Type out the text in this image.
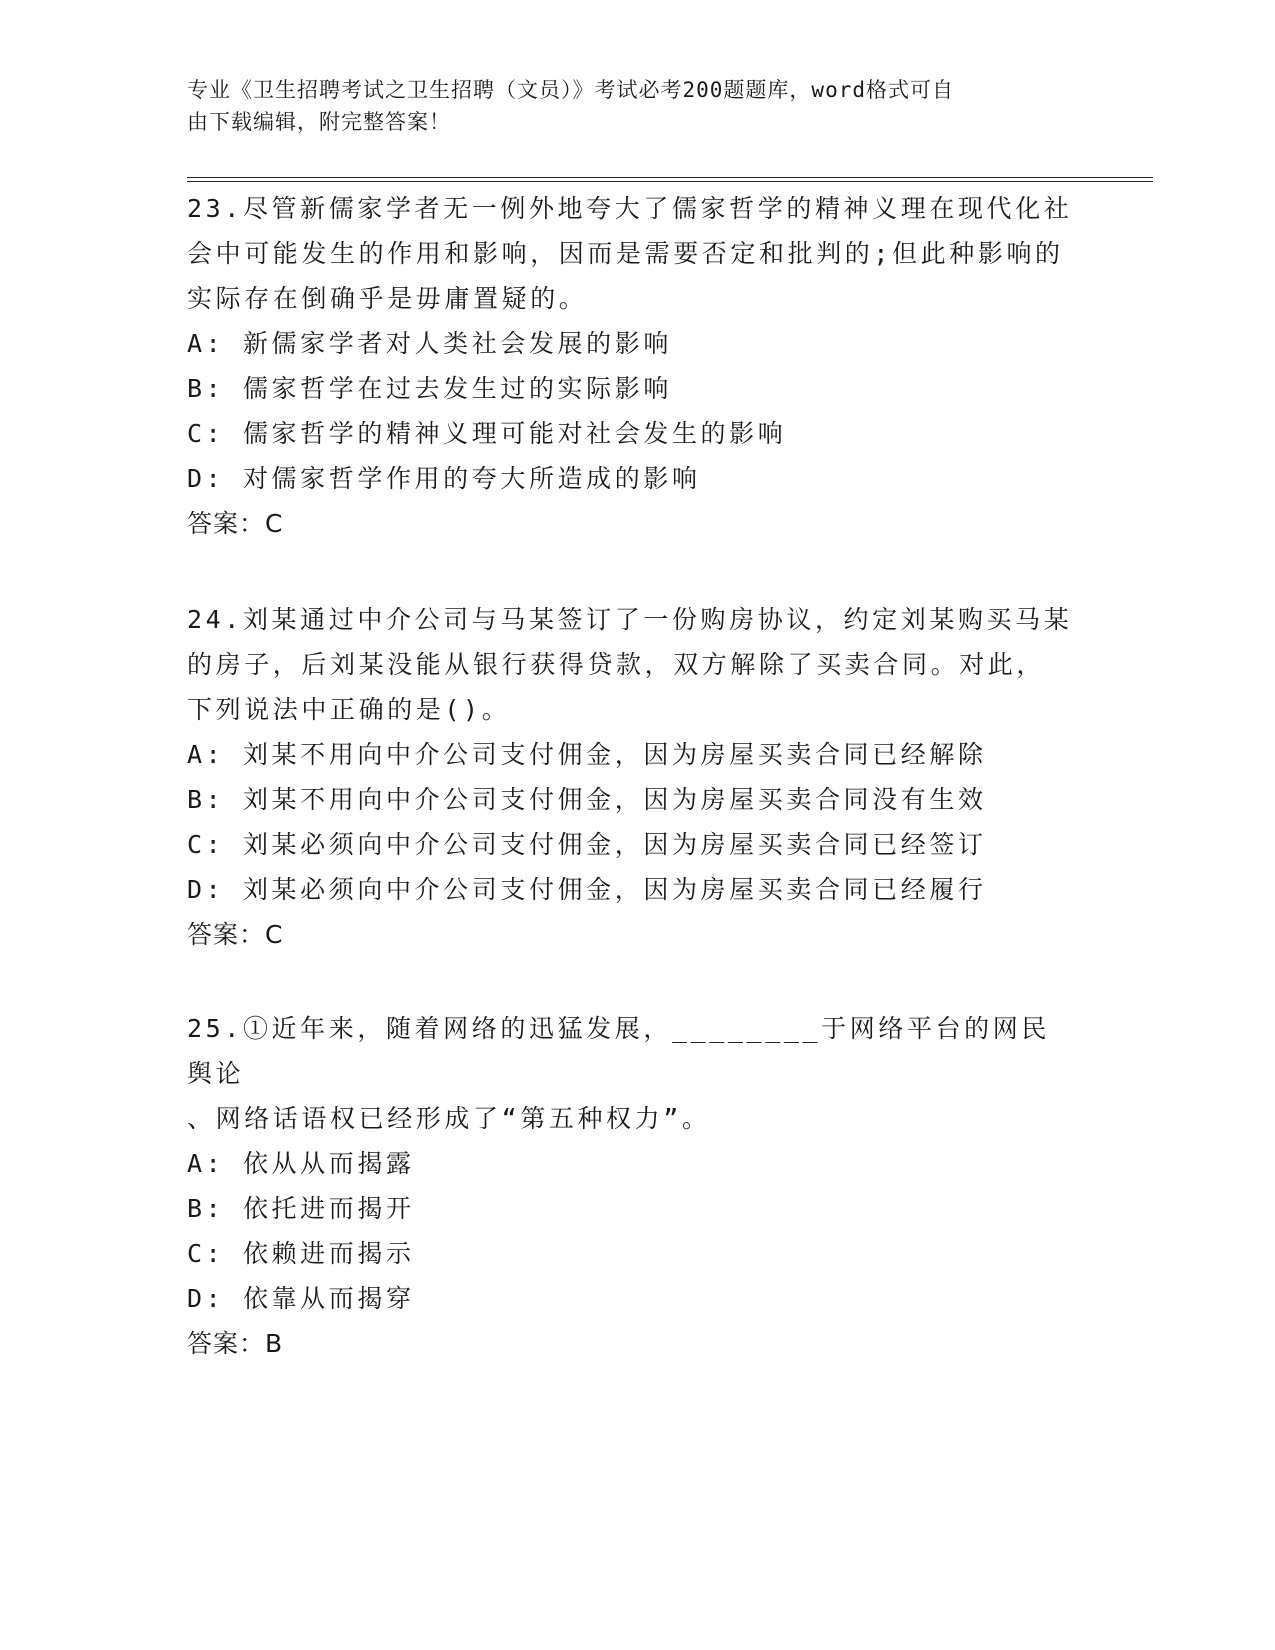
专业《卫生招聘考试之卫生招聘（文员）》考试必考200题题库，word格式可自
由下载编辑，附完整答案！
23.尽管新儒家学者无一例外地夸大了儒家哲学的精神义理在现代化社
会中可能发生的作用和影响，因而是需要否定和批判的;但此种影响的
实际存在倒确乎是毋庸置疑的。
A: 新儒家学者对人类社会发展的影响
B: 儒家哲学在过去发生过的实际影响
C: 儒家哲学的精神义理可能对社会发生的影响
D: 对儒家哲学作用的夸大所造成的影响
答案：C
24.刘某通过中介公司与马某签订了一份购房协议，约定刘某购买马某
的房子，后刘某没能从银行获得贷款，双方解除了买卖合同。对此，
下列说法中正确的是()。
A: 刘某不用向中介公司支付佣金，因为房屋买卖合同已经解除
B: 刘某不用向中介公司支付佣金，因为房屋买卖合同没有生效
C: 刘某必须向中介公司支付佣金，因为房屋买卖合同已经签订
D: 刘某必须向中介公司支付佣金，因为房屋买卖合同已经履行
答案：C
25.①近年来，随着网络的迅猛发展，________于网络平台的网民舆论
、网络话语权已经形成了“第五种权力”。
A: 依从从而揭露
B: 依托进而揭开
C: 依赖进而揭示
D: 依靠从而揭穿
答案：B
